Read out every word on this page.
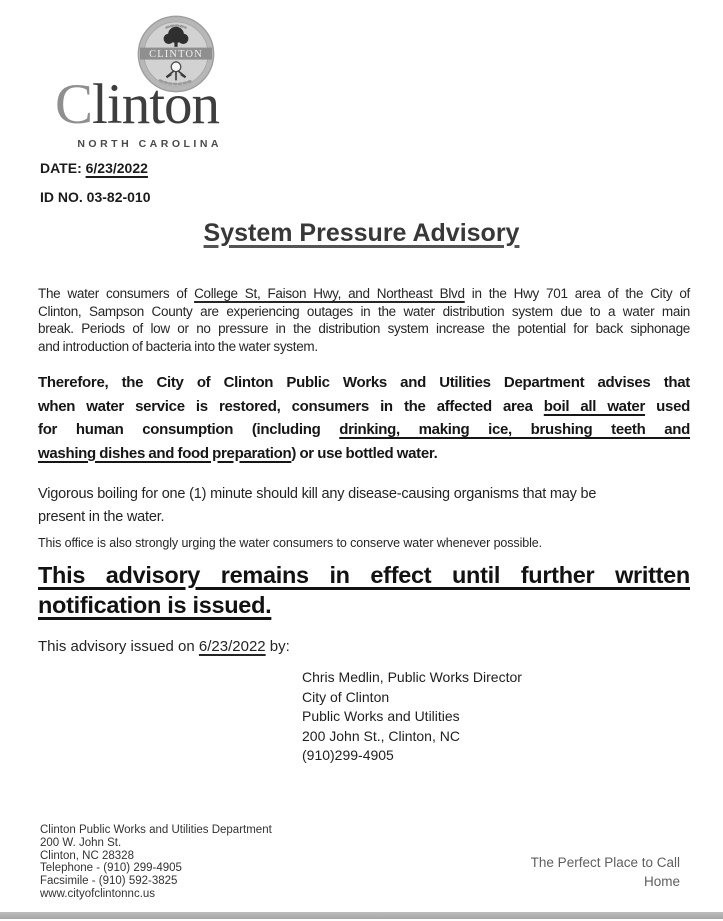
CLINTON
Clinton
NORTH CAROLINA
DATE: 6/23/2022
ID NO. 03-82-010
System Pressure Advisory
The water consumers of College St, Faison Hwy, and Northeast Blvd in the Hwy 701 area of the City of
Clinton, Sampson County are experiencing outages in the water distribution system due to a water main
break. Periods of low or no pressure in the distribution system increase the potential for back siphonage
and introduction of bacteria into the water system.
Therefore, the City of Clinton Public Works and Utilities Department advises that
when water service is restored, consumers in the affected area boil all water used
for human consumption (including drinking, making ice, brushing teeth and
washing dishes and food preparation) or use bottled water.
Vigorous boiling for one (1) minute should kill any disease-causing organisms that may be
present in the water.
This office is also strongly urging the water consumers to conserve water whenever possible.
This advisory remains in effect until further written
notification is issued.
This advisory issued on 6/23/2022 by:
Chris Medlin, Public Works Director
City of Clinton
Public Works and Utilities
200 John St., Clinton, NC
(910)299-4905
Clinton Public Works and Utilities Department
200 W. John St.
Clinton, NC 28328
Telephone - (910) 299-4905
Facsimile - (910) 592-3825
www.cityofclintonnc.us
The Perfect Place to Call Home
